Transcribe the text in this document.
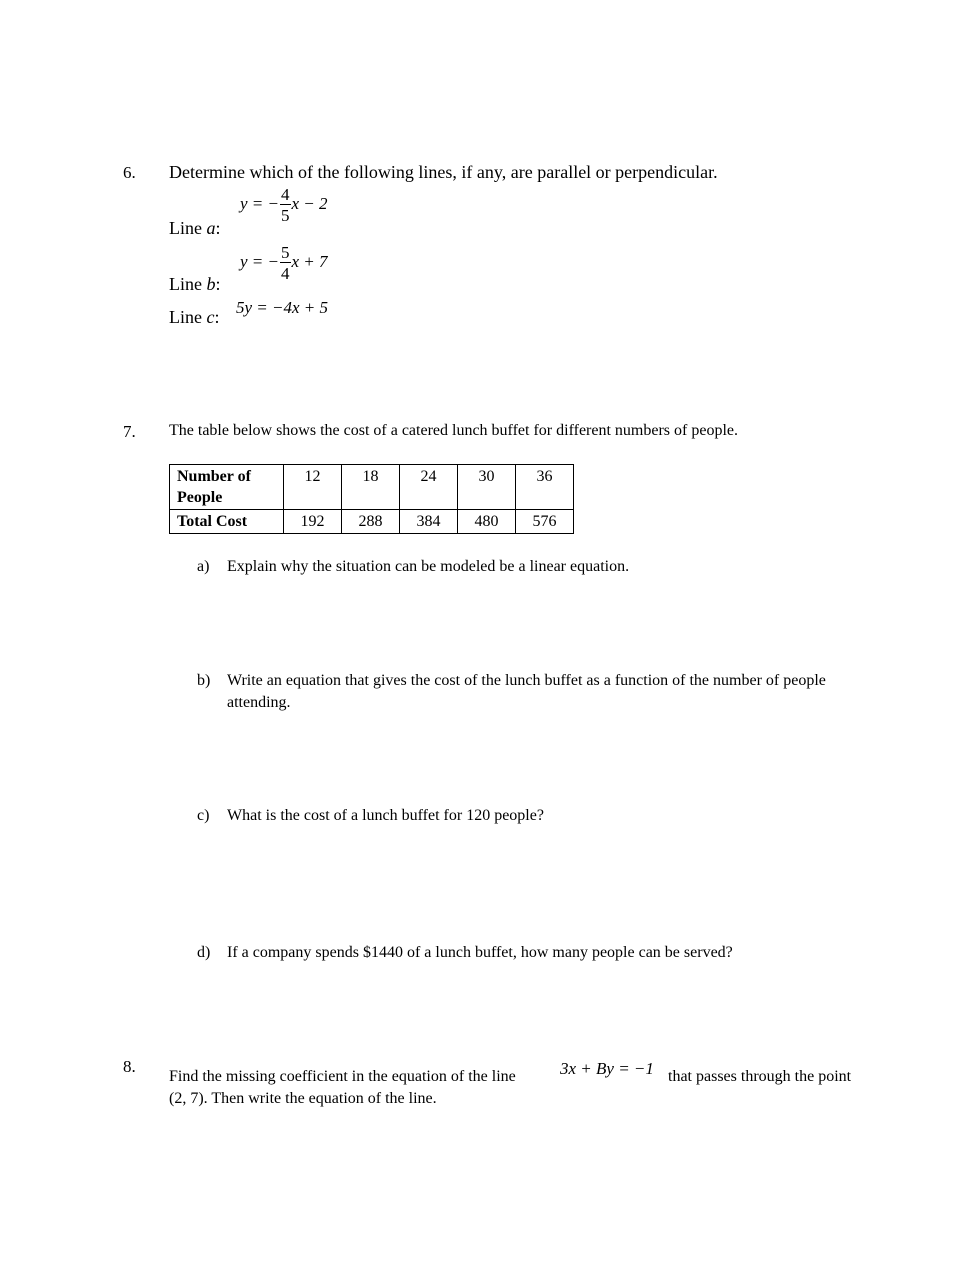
6. Determine which of the following lines, if any, are parallel or perpendicular.
Line a:
y = − $\frac{4}{5}$ x − 2
Line b:
y = − $\frac{5}{4}$ x + 7
Line c: 5y = −4x + 5
7. The table below shows the cost of a catered lunch buffet for different numbers of people.
Number of
People	12	18	24	30	36
Total Cost	192	288	384	480	576
a) Explain why the situation can be modeled be a linear equation.
b) Write an equation that gives the cost of the lunch buffet as a function of the number of people
attending.
c) What is the cost of a lunch buffet for 120 people?
d) If a company spends $1440 of a lunch buffet, how many people can be served?
8.
Find the missing coefficient in the equation of the line	3x + By = −1 that passes through the point
(2, 7). Then write the equation of the line.
